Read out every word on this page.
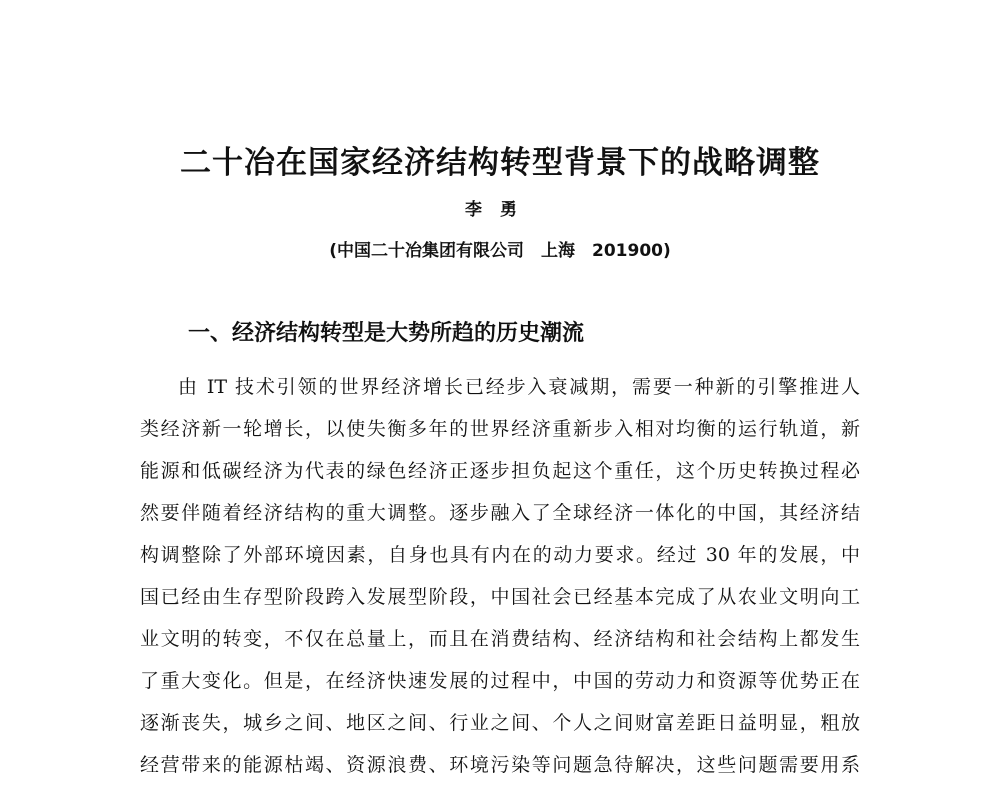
二十冶在国家经济结构转型背景下的战略调整
李勇
(中国二十冶集团有限公司　上海　201900)
一、经济结构转型是大势所趋的历史潮流
由 IT 技术引领的世界经济增长已经步入衰减期，需要一种新的引擎推进人
类经济新一轮增长，以使失衡多年的世界经济重新步入相对均衡的运行轨道，新
能源和低碳经济为代表的绿色经济正逐步担负起这个重任，这个历史转换过程必
然要伴随着经济结构的重大调整。逐步融入了全球经济一体化的中国，其经济结
构调整除了外部环境因素，自身也具有内在的动力要求。经过 30 年的发展，中
国已经由生存型阶段跨入发展型阶段，中国社会已经基本完成了从农业文明向工
业文明的转变，不仅在总量上，而且在消费结构、经济结构和社会结构上都发生
了重大变化。但是，在经济快速发展的过程中，中国的劳动力和资源等优势正在
逐渐丧失，城乡之间、地区之间、行业之间、个人之间财富差距日益明显，粗放
经营带来的能源枯竭、资源浪费、环境污染等问题急待解决，这些问题需要用系
